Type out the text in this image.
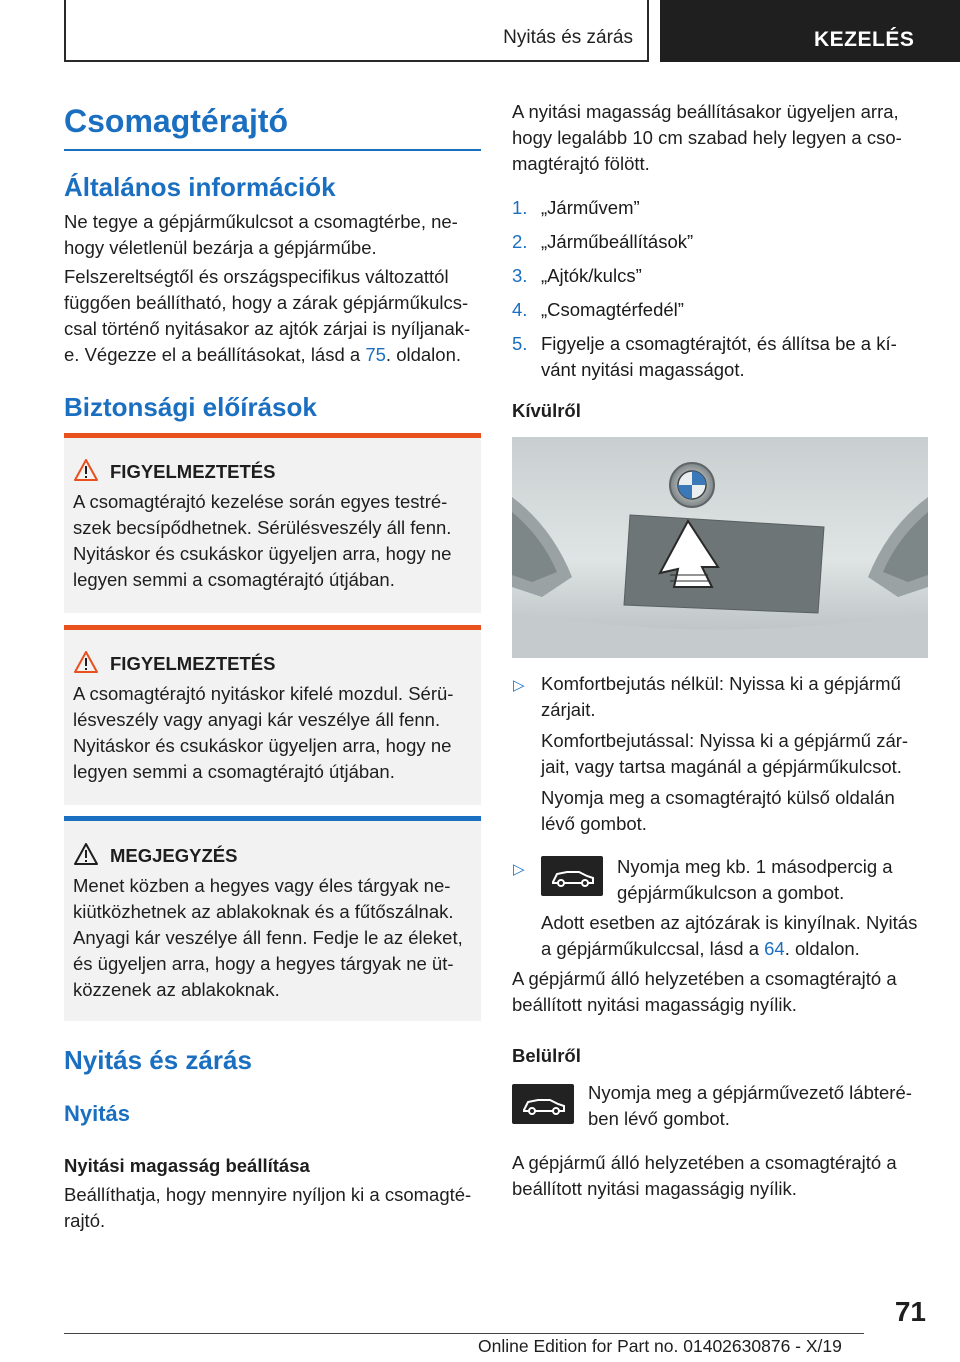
Nyitás és zárás	KEZELÉS
Csomagtérajtó
Általános információk

Ne tegye a gépjárműkulcsot a csomagtérbe, ne-hogy véletlenül bezárja a gépjárműbe.

Felszereltségtől és országspecifikus változattól függően beállítható, hogy a zárak gépjárműkulcs-csal történő nyitásakor az ajtók zárjai is nyíljanak-e. Végezze el a beállításokat, lásd a 75. oldalon.

Biztonsági előírások
FIGYELMEZTETÉS

A csomagtérajtó kezelése során egyes testré-szek becsípődhetnek. Sérülésveszély áll fenn. Nyitáskor és csukáskor ügyeljen arra, hogy ne legyen semmi a csomagtérajtó útjában.

FIGYELMEZTETÉS

A csomagtérajtó nyitáskor kifelé mozdul. Sérü-lésveszély vagy anyagi kár veszélye áll fenn. Nyitáskor és csukáskor ügyeljen arra, hogy ne legyen semmi a csomagtérajtó útjában.

MEGJEGYZÉS

Menet közben a hegyes vagy éles tárgyak ne-kiütközhetnek az ablakoknak és a fűtőszálnak. Anyagi kár veszélye áll fenn. Fedje le az éleket, és ügyeljen arra, hogy a hegyes tárgyak ne üt-közzenek az ablakoknak.

Nyitás és zárás
Nyitás
Nyitási magasság beállítása

Beállíthatja, hogy mennyire nyíljon ki a csomagté-rajtó.

A nyitási magasság beállításakor ügyeljen arra, hogy legalább 10 cm szabad hely legyen a cso-magtérajtó fölött.

1. „Járművem”
2. „Járműbeállítások”
3. „Ajtók/kulcs”
4. „Csomagtérfedél”
5. Figyelje a csomagtérajtót, és állítsa be a kí-vánt nyitási magasságot.
Kívülről
▷ Komfortbejutás nélkül: Nyissa ki a gépjármű zárjait.

Komfortbejutással: Nyissa ki a gépjármű zár-jait, vagy tartsa magánál a gépjárműkulcsot.

Nyomja meg a csomagtérajtó külső oldalán lévő gombot.

▷	Nyomja meg kb. 1 másodpercig a gépjárműkulcson a gombot.

Adott esetben az ajtózárak is kinyílnak. Nyitás a gépjárműkulccsal, lásd a 64. oldalon.

A gépjármű álló helyzetében a csomagtérajtó a beállított nyitási magasságig nyílik.

Belülről

Nyomja meg a gépjárművezető lábteré-ben lévő gombot.

A gépjármű álló helyzetében a csomagtérajtó a beállított nyitási magasságig nyílik.

71
Online Edition for Part no. 01402630876 - X/19
